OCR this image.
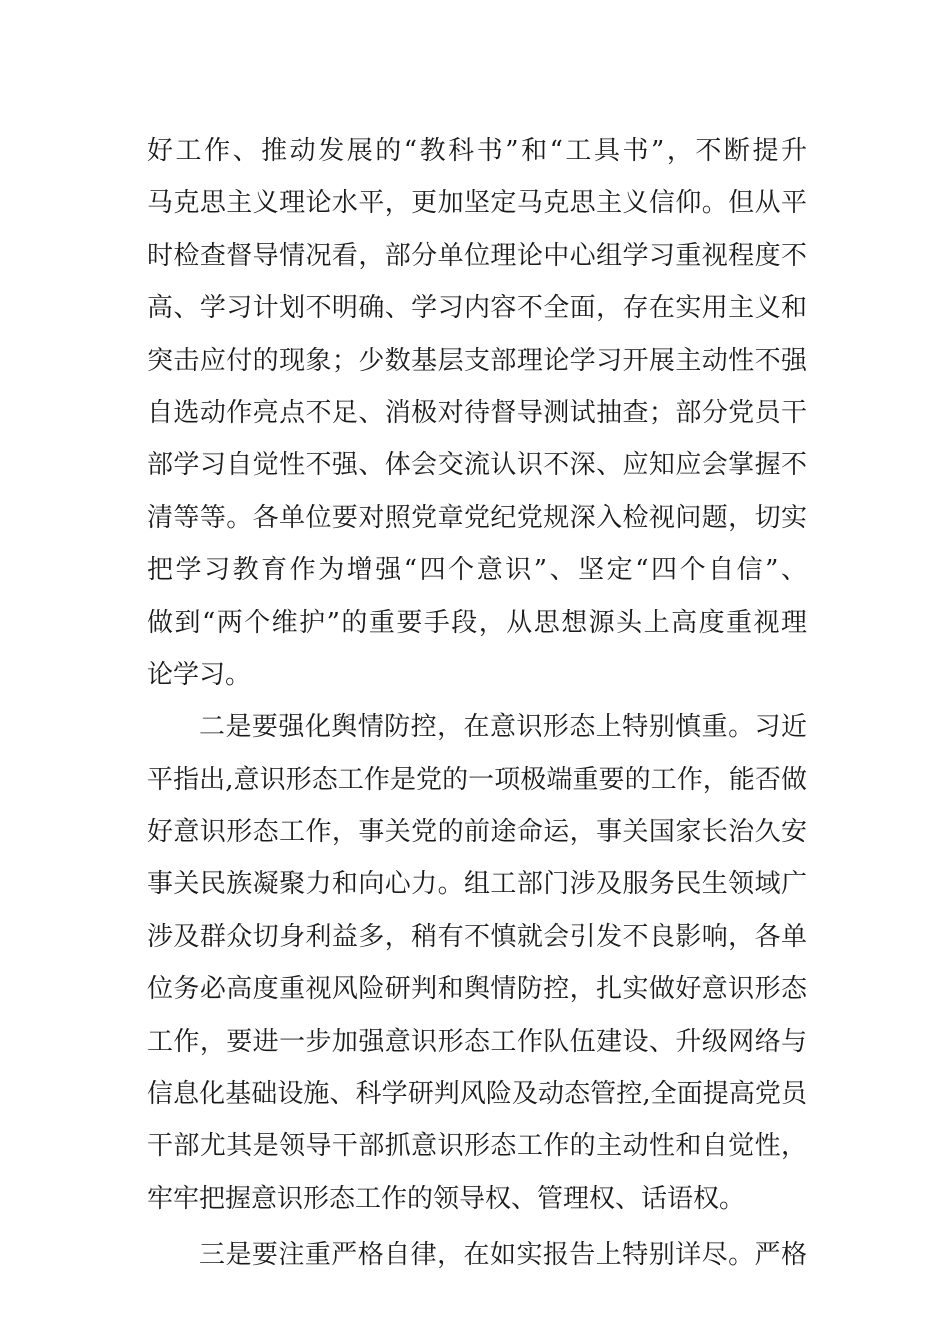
好工作、推动发展的“教科书”和“工具书”，不断提升
马克思主义理论水平，更加坚定马克思主义信仰。但从平
时检查督导情况看，部分单位理论中心组学习重视程度不
高、学习计划不明确、学习内容不全面，存在实用主义和
突击应付的现象；少数基层支部理论学习开展主动性不强
自选动作亮点不足、消极对待督导测试抽查；部分党员干
部学习自觉性不强、体会交流认识不深、应知应会掌握不
清等等。各单位要对照党章党纪党规深入检视问题，切实
把学习教育作为增强“四个意识”、坚定“四个自信”、
做到“两个维护”的重要手段，从思想源头上高度重视理
论学习。
二是要强化舆情防控，在意识形态上特别慎重。习近
平指出,意识形态工作是党的一项极端重要的工作，能否做
好意识形态工作，事关党的前途命运，事关国家长治久安
事关民族凝聚力和向心力。组工部门涉及服务民生领域广
涉及群众切身利益多，稍有不慎就会引发不良影响，各单
位务必高度重视风险研判和舆情防控，扎实做好意识形态
工作，要进一步加强意识形态工作队伍建设、升级网络与
信息化基础设施、科学研判风险及动态管控,全面提高党员
干部尤其是领导干部抓意识形态工作的主动性和自觉性，
牢牢把握意识形态工作的领导权、管理权、话语权。
三是要注重严格自律，在如实报告上特别详尽。严格
